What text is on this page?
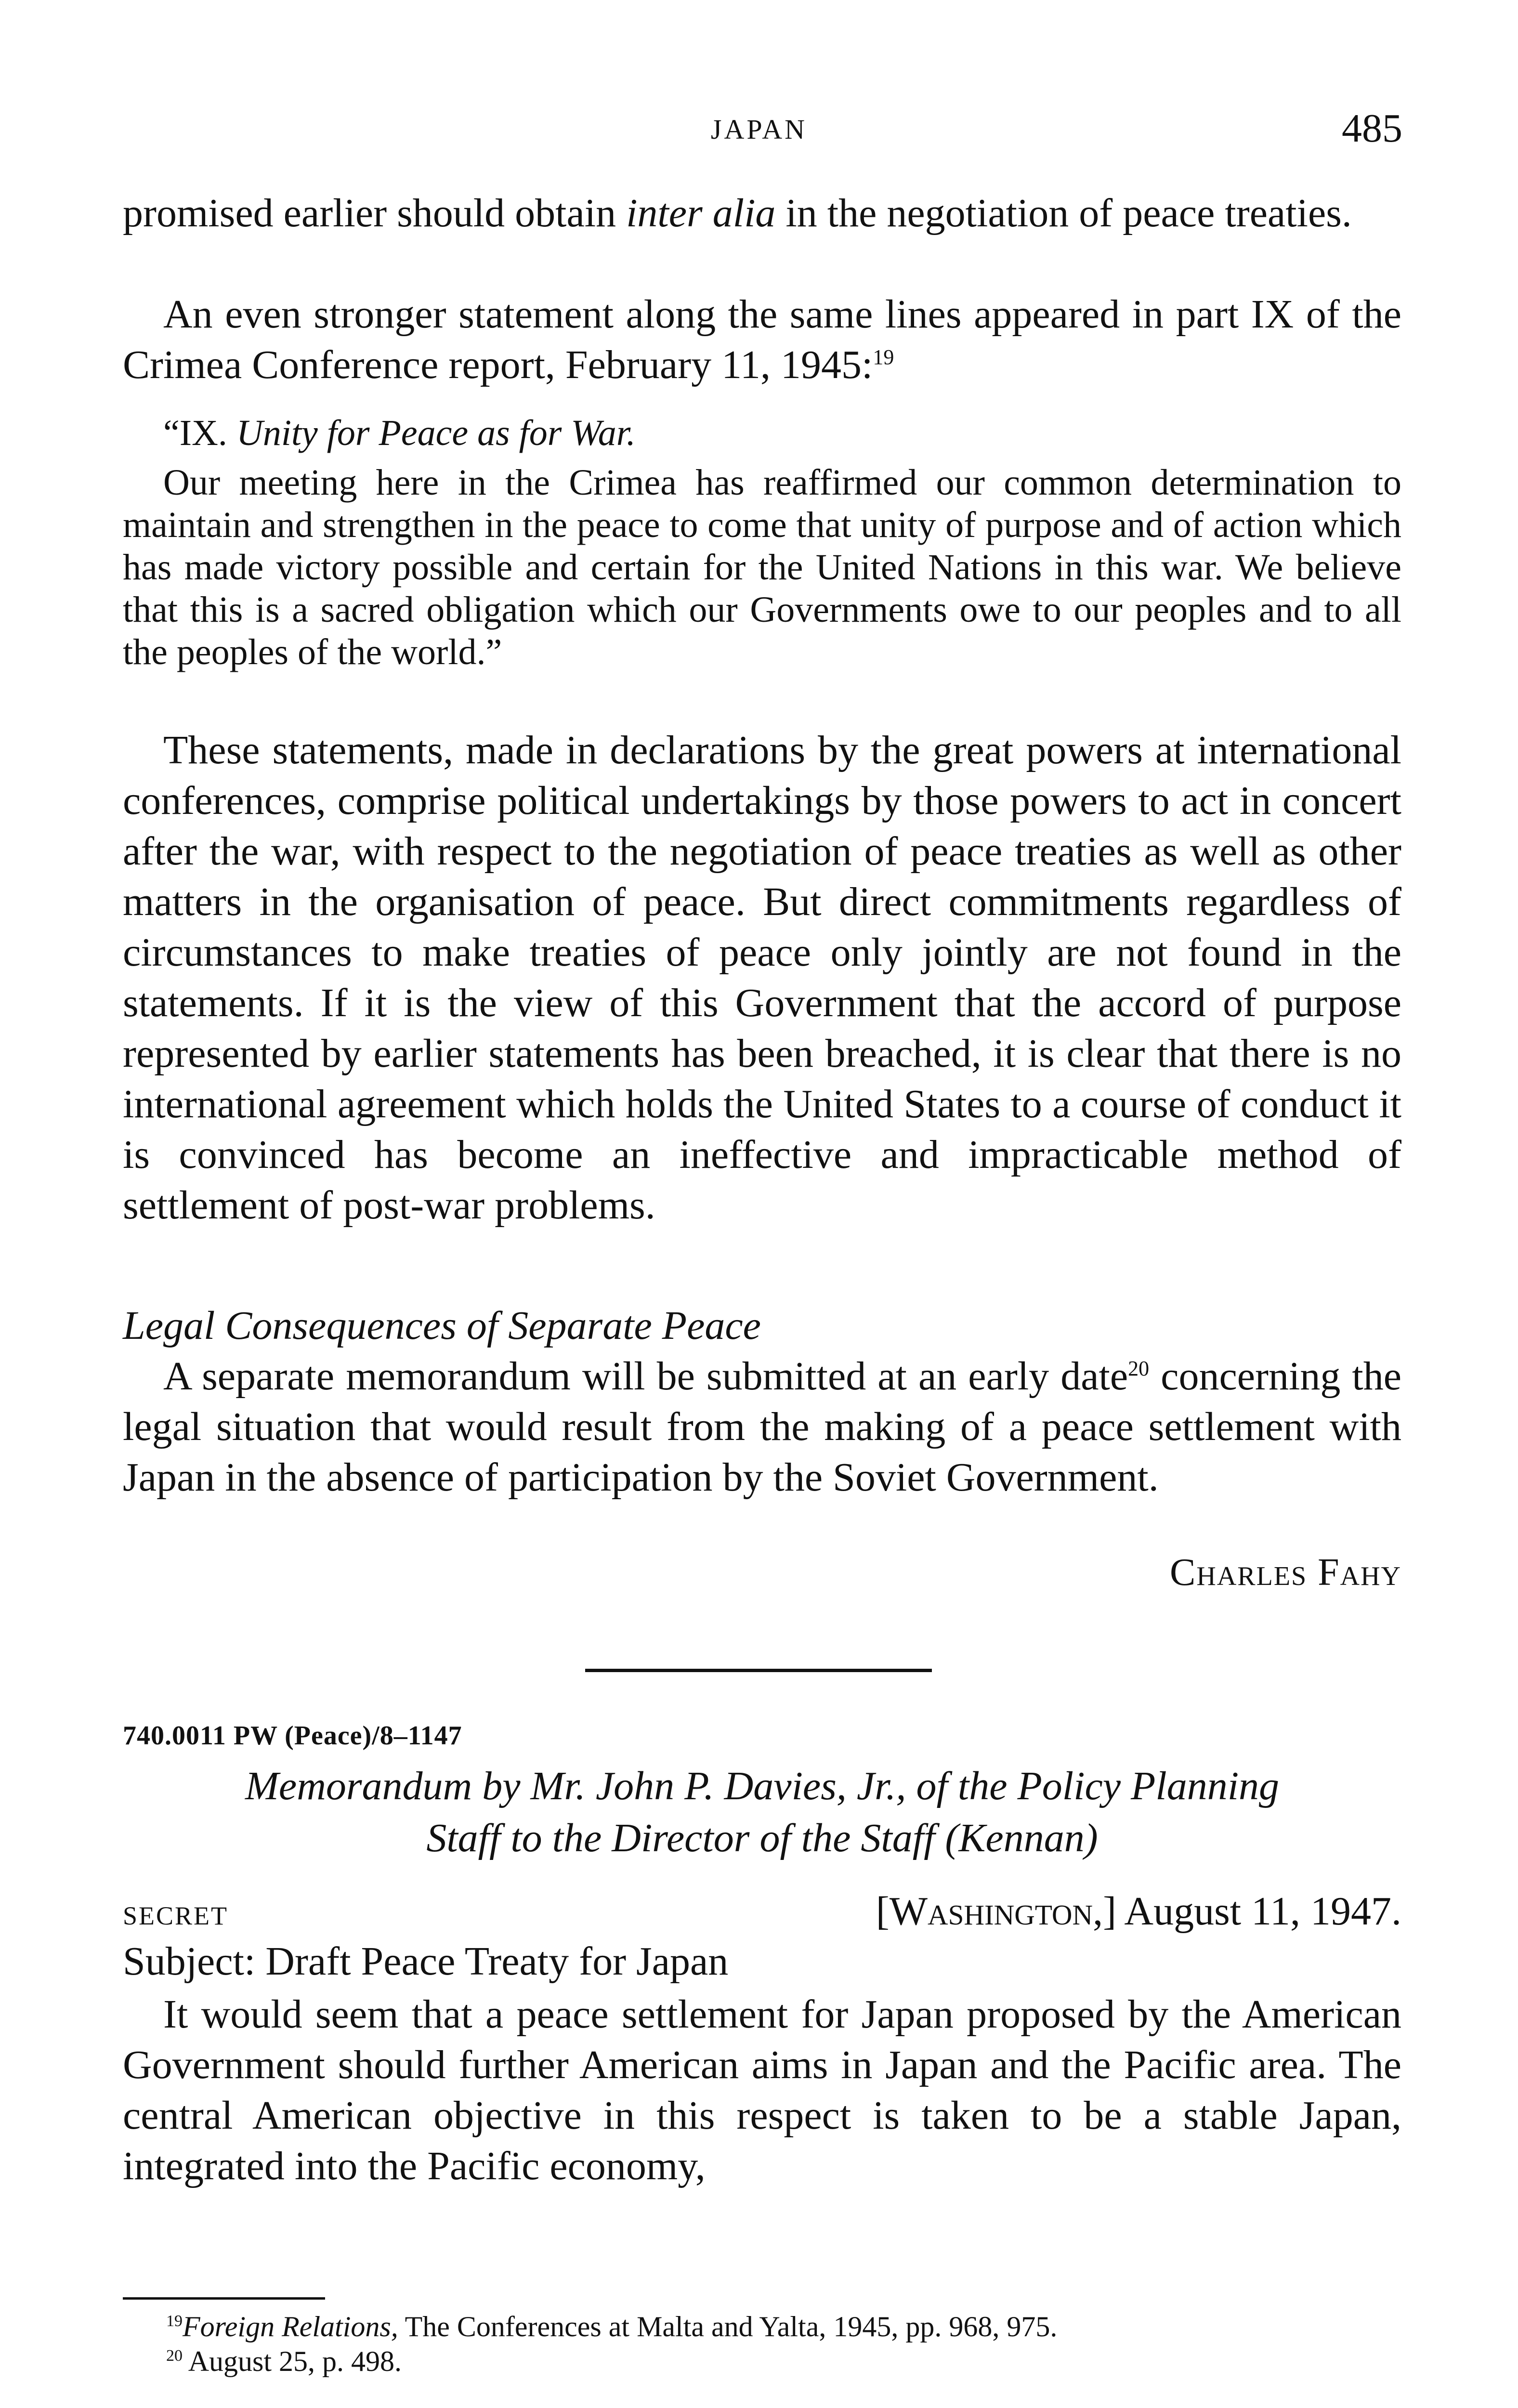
JAPAN	485

promised earlier should obtain inter alia in the negotiation of peace treaties.

An even stronger statement along the same lines appeared in part IX of the Crimea Conference report, February 11, 1945:$^{19}$

“IX. Unity for Peace as for War.

Our meeting here in the Crimea has reaffirmed our common determination to maintain and strengthen in the peace to come that unity of purpose and of action which has made victory possible and certain for the United Nations in this war. We believe that this is a sacred obligation which our Governments owe to our peoples and to all the peoples of the world.”

These statements, made in declarations by the great powers at international conferences, comprise political undertakings by those powers to act in concert after the war, with respect to the negotiation of peace treaties as well as other matters in the organisation of peace. But direct commitments regardless of circumstances to make treaties of peace only jointly are not found in the statements. If it is the view of this Government that the accord of purpose represented by earlier statements has been breached, it is clear that there is no international agreement which holds the United States to a course of conduct it is convinced has become an ineffective and impracticable method of settlement of post-war problems.

Legal Consequences of Separate Peace

A separate memorandum will be submitted at an early date$^{20}$ concerning the legal situation that would result from the making of a peace settlement with Japan in the absence of participation by the Soviet Government.

Charles Fahy

740.0011 PW (Peace)/8–1147

Memorandum by Mr. John P. Davies, Jr., of the Policy Planning

Staff to the Director of the Staff (Kennan)

SECRET	[Washington,] August 11, 1947.

Subject: Draft Peace Treaty for Japan

It would seem that a peace settlement for Japan proposed by the American Government should further American aims in Japan and the Pacific area. The central American objective in this respect is taken to be a stable Japan, integrated into the Pacific economy,

$^{19}$Foreign Relations, The Conferences at Malta and Yalta, 1945, pp. 968, 975.

$^{20}$ August 25, p. 498.
